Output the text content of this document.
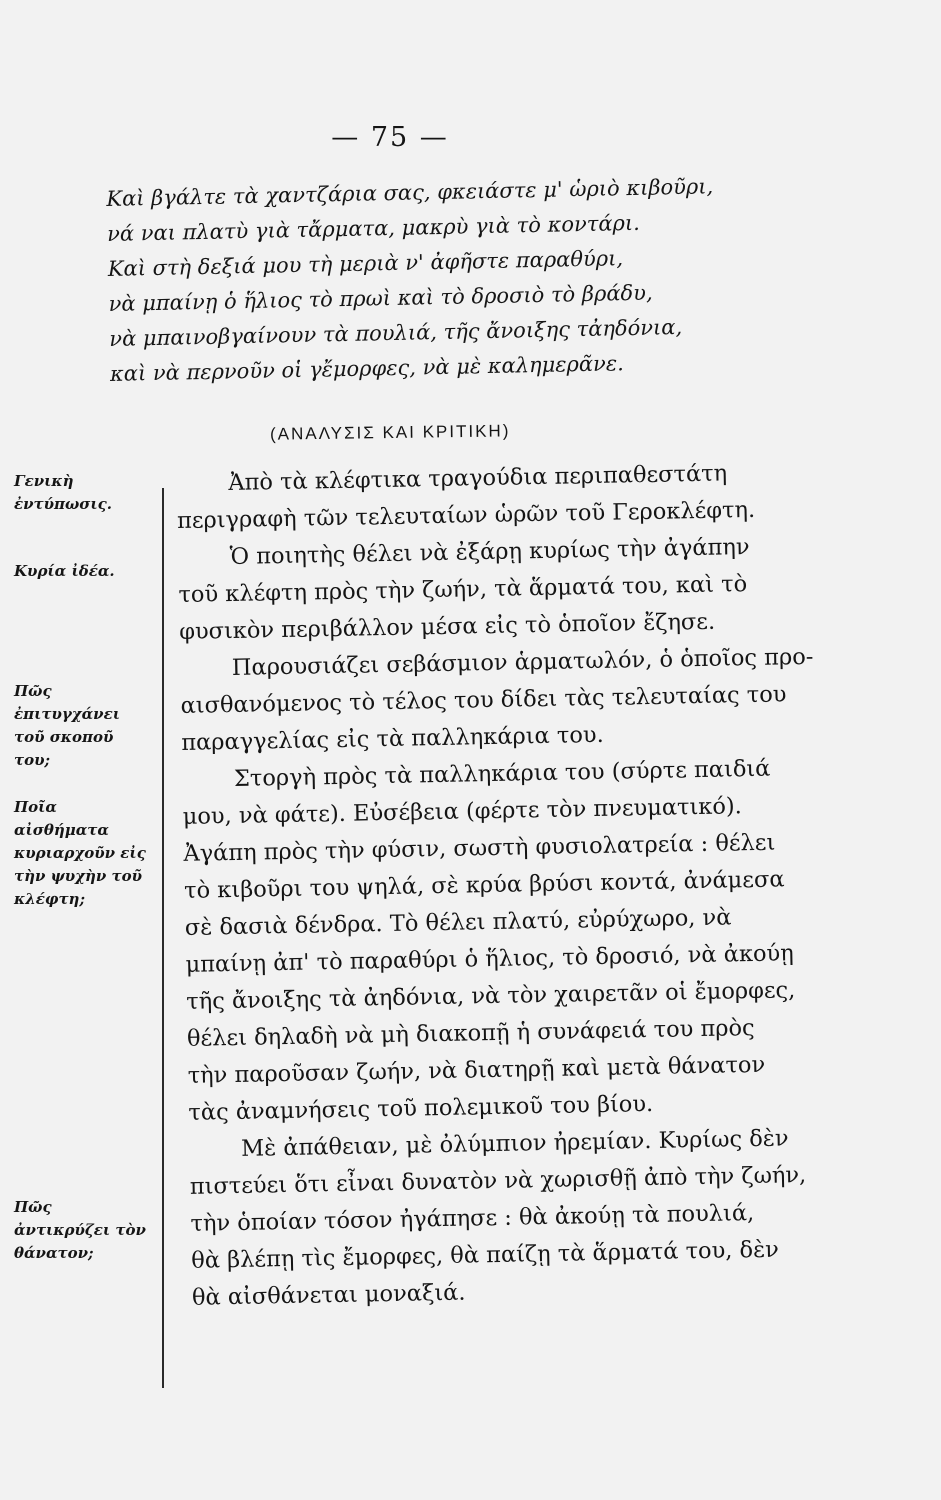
— 75 —
Καὶ βγάλτε τὰ χαντζάρια σας, φκειάστε μ' ὡριὸ κιβοῦρι,
νά ναι πλατὺ γιὰ τἄρματα, μακρὺ γιὰ τὸ κοντάρι.
Καὶ στὴ δεξιά μου τὴ μεριὰ ν' ἀφῆστε παραθύρι,
νὰ μπαίνῃ ὁ ἥλιος τὸ πρωὶ καὶ τὸ δροσιὸ τὸ βράδυ,
νὰ μπαινοβγαίνουν τὰ πουλιά, τῆς ἄνοιξης τἀηδόνια,
καὶ νὰ περνοῦν οἱ γἔμορφες, νὰ μὲ καλημερᾶνε.
(ΑΝΑΛΥΣΙΣ ΚΑΙ ΚΡΙΤΙΚΗ)
Γενικὴ ἐντύπωσις.
Κυρία ἰδέα.
Πῶς ἐπιτυγχάνει τοῦ σκοποῦ του;
Ποῖα αἰσθήματα κυριαρχοῦν εἰς τὴν ψυχὴν τοῦ κλέφτη;
Πῶς ἀντικρύζει τὸν θάνατον;
Ἀπὸ τὰ κλέφτικα τραγούδια περιπαθεστάτη
περιγραφὴ τῶν τελευταίων ὡρῶν τοῦ Γεροκλέφτη.
Ὁ ποιητὴς θέλει νὰ ἐξάρῃ κυρίως τὴν ἀγάπην
τοῦ κλέφτη πρὸς τὴν ζωήν, τὰ ἅρματά του, καὶ τὸ
φυσικὸν περιβάλλον μέσα εἰς τὸ ὁποῖον ἔζησε.
Παρουσιάζει σεβάσμιον ἁρματωλόν, ὁ ὁποῖος προ-
αισθανόμενος τὸ τέλος του δίδει τὰς τελευταίας του
παραγγελίας εἰς τὰ παλληκάρια του.
Στοργὴ πρὸς τὰ παλληκάρια του (σύρτε παιδιά
μου, νὰ φάτε). Εὐσέβεια (φέρτε τὸν πνευματικό).
Ἀγάπη πρὸς τὴν φύσιν, σωστὴ φυσιολατρεία : θέλει
τὸ κιβοῦρι του ψηλά, σὲ κρύα βρύσι κοντά, ἀνάμεσα
σὲ δασιὰ δένδρα. Τὸ θέλει πλατύ, εὐρύχωρο, νὰ
μπαίνῃ ἀπ' τὸ παραθύρι ὁ ἥλιος, τὸ δροσιό, νὰ ἀκούῃ
τῆς ἄνοιξης τὰ ἀηδόνια, νὰ τὸν χαιρετᾶν οἱ ἔμορφες,
θέλει δηλαδὴ νὰ μὴ διακοπῇ ἡ συνάφειά του πρὸς
τὴν παροῦσαν ζωήν, νὰ διατηρῇ καὶ μετὰ θάνατον
τὰς ἀναμνήσεις τοῦ πολεμικοῦ του βίου.
Μὲ ἀπάθειαν, μὲ ὀλύμπιον ἠρεμίαν. Κυρίως δὲν
πιστεύει ὅτι εἶναι δυνατὸν νὰ χωρισθῇ ἀπὸ τὴν ζωήν,
τὴν ὁποίαν τόσον ἠγάπησε : θὰ ἀκούῃ τὰ πουλιά,
θὰ βλέπῃ τὶς ἔμορφες, θὰ παίζῃ τὰ ἅρματά του, δὲν
θὰ αἰσθάνεται μοναξιά.
